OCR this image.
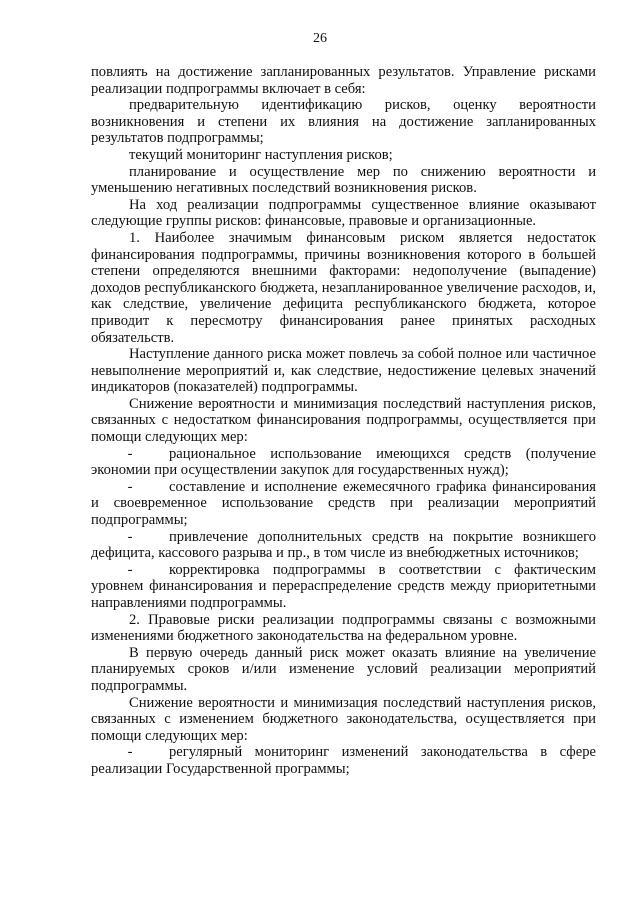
26

повлиять на достижение запланированных результатов. Управление рисками реализации подпрограммы включает в себя:

предварительную идентификацию рисков, оценку вероятности возникновения и степени их влияния на достижение запланированных результатов подпрограммы;

текущий мониторинг наступления рисков;

планирование и осуществление мер по снижению вероятности и уменьшению негативных последствий возникновения рисков.

На ход реализации подпрограммы существенное влияние оказывают следующие группы рисков: финансовые, правовые и организационные.

1. Наиболее значимым финансовым риском является недостаток финансирования подпрограммы, причины возникновения которого в большей степени определяются внешними факторами: недополучение (выпадение) доходов республиканского бюджета, незапланированное увеличение расходов, и, как следствие, увеличение дефицита республиканского бюджета, которое приводит к пересмотру финансирования ранее принятых расходных обязательств.

Наступление данного риска может повлечь за собой полное или частичное невыполнение мероприятий и, как следствие, недостижение целевых значений индикаторов (показателей) подпрограммы.

Снижение вероятности и минимизация последствий наступления рисков, связанных с недостатком финансирования подпрограммы, осуществляется при помощи следующих мер:

-	рациональное использование имеющихся средств (получение экономии при осуществлении закупок для государственных нужд);

-	составление и исполнение ежемесячного графика финансирования и своевременное использование средств при реализации мероприятий подпрограммы;

-	привлечение дополнительных средств на покрытие возникшего дефицита, кассового разрыва и пр., в том числе из внебюджетных источников;

-	корректировка подпрограммы в соответствии с фактическим уровнем финансирования и перераспределение средств между приоритетными направлениями подпрограммы.

2. Правовые риски реализации подпрограммы связаны с возможными изменениями бюджетного законодательства на федеральном уровне.

В первую очередь данный риск может оказать влияние на увеличение планируемых сроков и/или изменение условий реализации мероприятий подпрограммы.

Снижение вероятности и минимизация последствий наступления рисков, связанных с изменением бюджетного законодательства, осуществляется при помощи следующих мер:

-	регулярный мониторинг изменений законодательства в сфере реализации Государственной программы;
